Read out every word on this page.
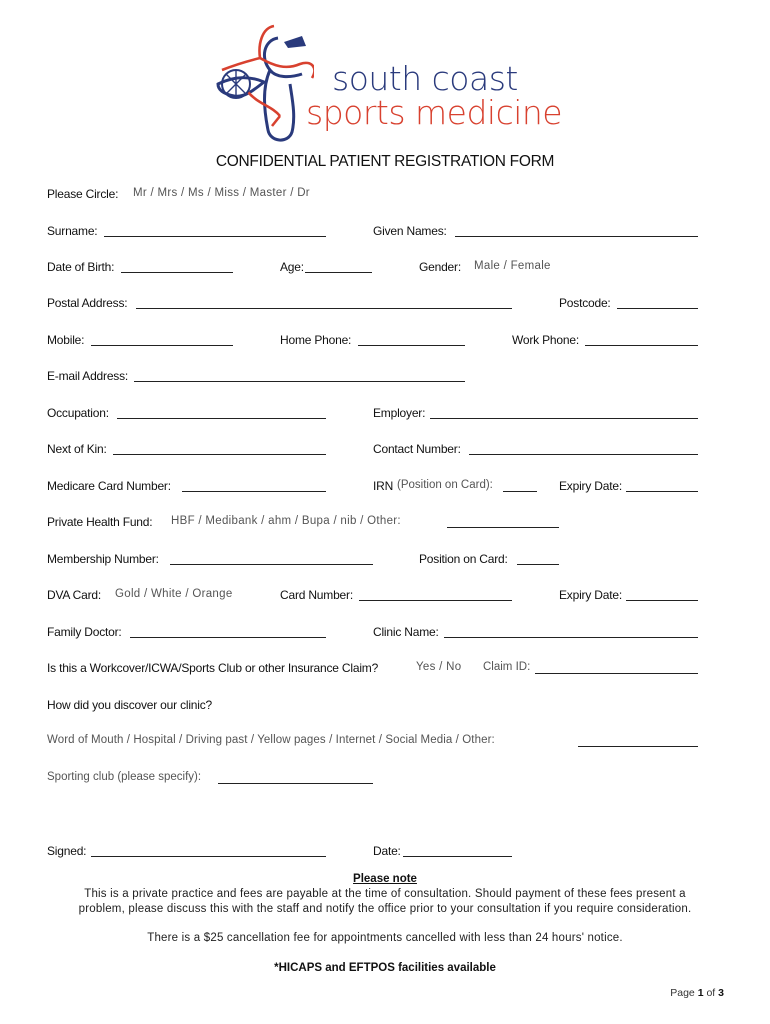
south coast
sports medicine
CONFIDENTIAL PATIENT REGISTRATION FORM
Please Circle: Mr / Mrs / Ms / Miss / Master / Dr
Surname:	Given Names:
Date of Birth:	Age:	Gender: Male / Female
Postal Address:	Postcode:
Mobile:	Home Phone:	Work Phone:
E-mail Address:
Occupation:	Employer:
Next of Kin:	Contact Number:
Medicare Card Number:	IRN (Position on Card):	Expiry Date:
Private Health Fund: HBF / Medibank / ahm / Bupa / nib / Other:
Membership Number:	Position on Card:
DVA Card: Gold / White / Orange	Card Number:	Expiry Date:
Family Doctor:	Clinic Name:
Is this a Workcover/ICWA/Sports Club or other Insurance Claim?	Yes / No Claim ID:
How did you discover our clinic?
Word of Mouth / Hospital / Driving past / Yellow pages / Internet / Social Media / Other:
Sporting club (please specify):
Signed:	Date:
Please note
This is a private practice and fees are payable at the time of consultation. Should payment of these fees present a
problem, please discuss this with the staff and notify the office prior to your consultation if you require consideration.
There is a $25 cancellation fee for appointments cancelled with less than 24 hours' notice.
*HICAPS and EFTPOS facilities available
Page 1 of 3
